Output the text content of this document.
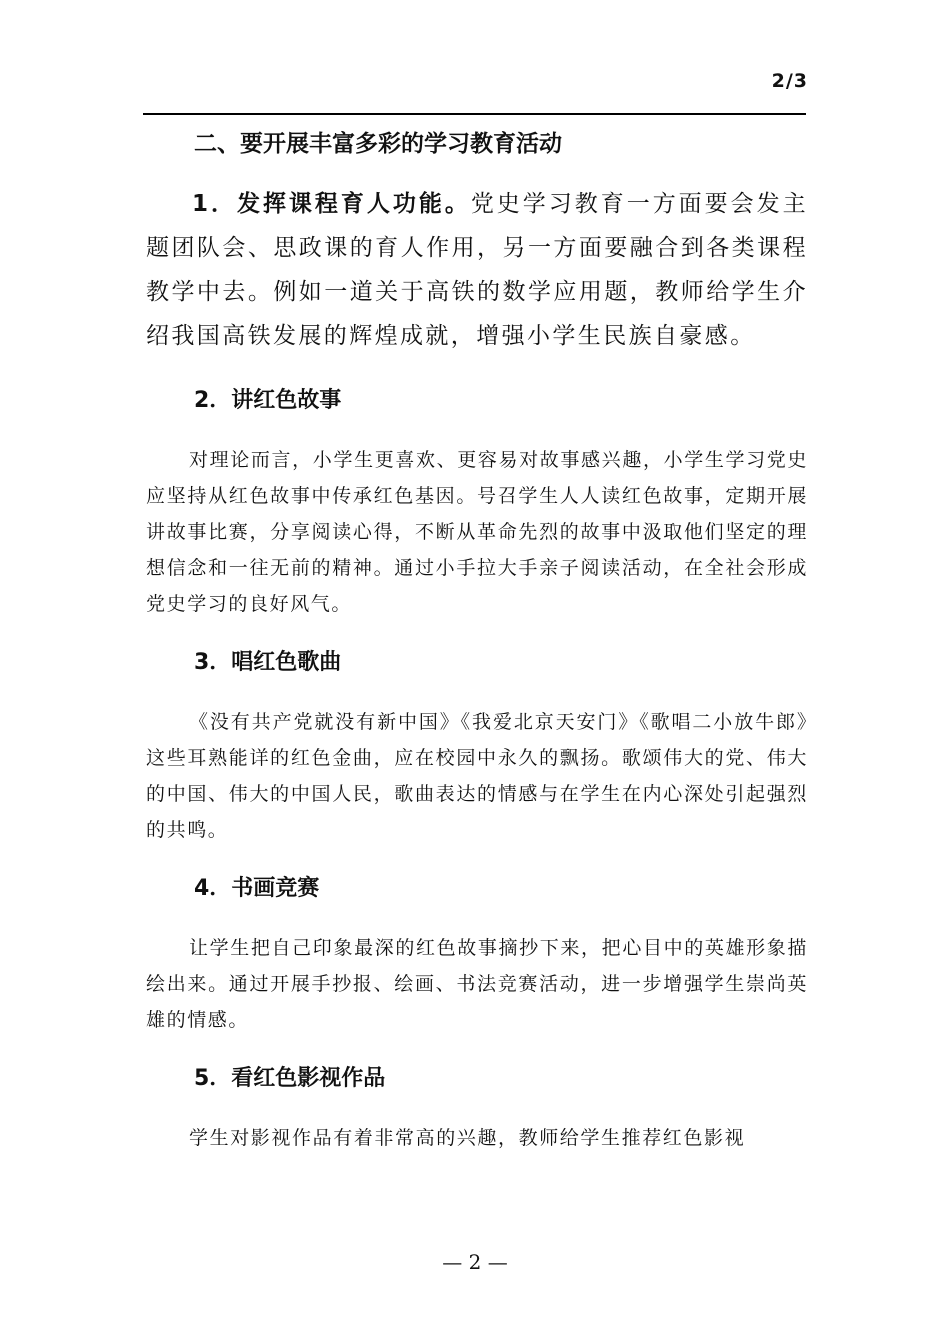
2/3
二、要开展丰富多彩的学习教育活动

1．发挥课程育人功能。党史学习教育一方面要会发主题团队会、思政课的育人作用，另一方面要融合到各类课程教学中去。例如一道关于高铁的数学应用题，教师给学生介绍我国高铁发展的辉煌成就，增强小学生民族自豪感。

2．讲红色故事

对理论而言，小学生更喜欢、更容易对故事感兴趣，小学生学习党史应坚持从红色故事中传承红色基因。号召学生人人读红色故事，定期开展讲故事比赛，分享阅读心得，不断从革命先烈的故事中汲取他们坚定的理想信念和一往无前的精神。通过小手拉大手亲子阅读活动，在全社会形成党史学习的良好风气。

3．唱红色歌曲

《没有共产党就没有新中国》《我爱北京天安门》《歌唱二小放牛郎》这些耳熟能详的红色金曲，应在校园中永久的飘扬。歌颂伟大的党、伟大的中国、伟大的中国人民，歌曲表达的情感与在学生在内心深处引起强烈的共鸣。

4．书画竞赛

让学生把自己印象最深的红色故事摘抄下来，把心目中的英雄形象描绘出来。通过开展手抄报、绘画、书法竞赛活动，进一步增强学生崇尚英雄的情感。

5．看红色影视作品

学生对影视作品有着非常高的兴趣，教师给学生推荐红色影视

— 2 —
